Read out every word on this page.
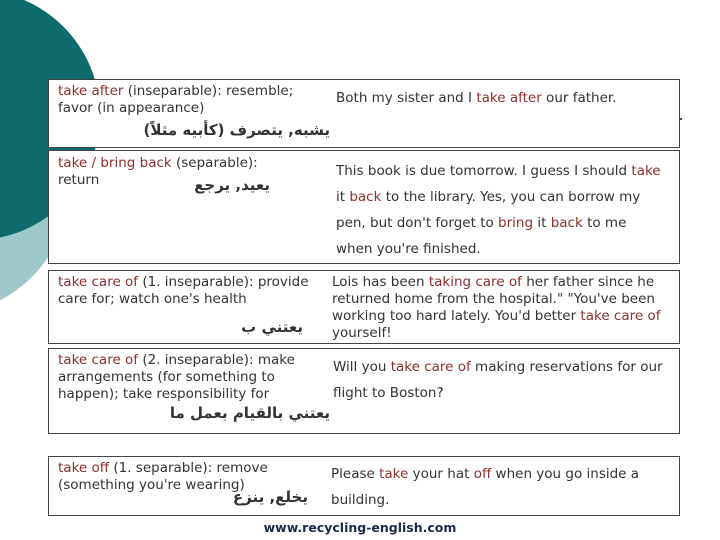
take after (inseparable): resemble; favor (in appearance)
يشبه, يتصرف (كأبيه مثلاً)
Both my sister and I take after our father.
take / bring back (separable):
return	يعيد, يرجع
This book is due tomorrow. I guess I should take it back to the library. Yes, you can borrow my pen, but don't forget to bring it back to me when you're finished.
take care of (1. inseparable): provide care for; watch one's health
يعتني ب
Lois has been taking care of her father since he returned home from the hospital." "You've been working too hard lately. You'd better take care of yourself!
take care of (2. inseparable): make arrangements (for something to happen); take responsibility for
يعتني بالقيام بعمل ما
Will you take care of making reservations for our flight to Boston?
take off (1. separable): remove (something you're wearing)
يخلع, ينزع
Please take your hat off when you go inside a building.
www.recycling-english.com
